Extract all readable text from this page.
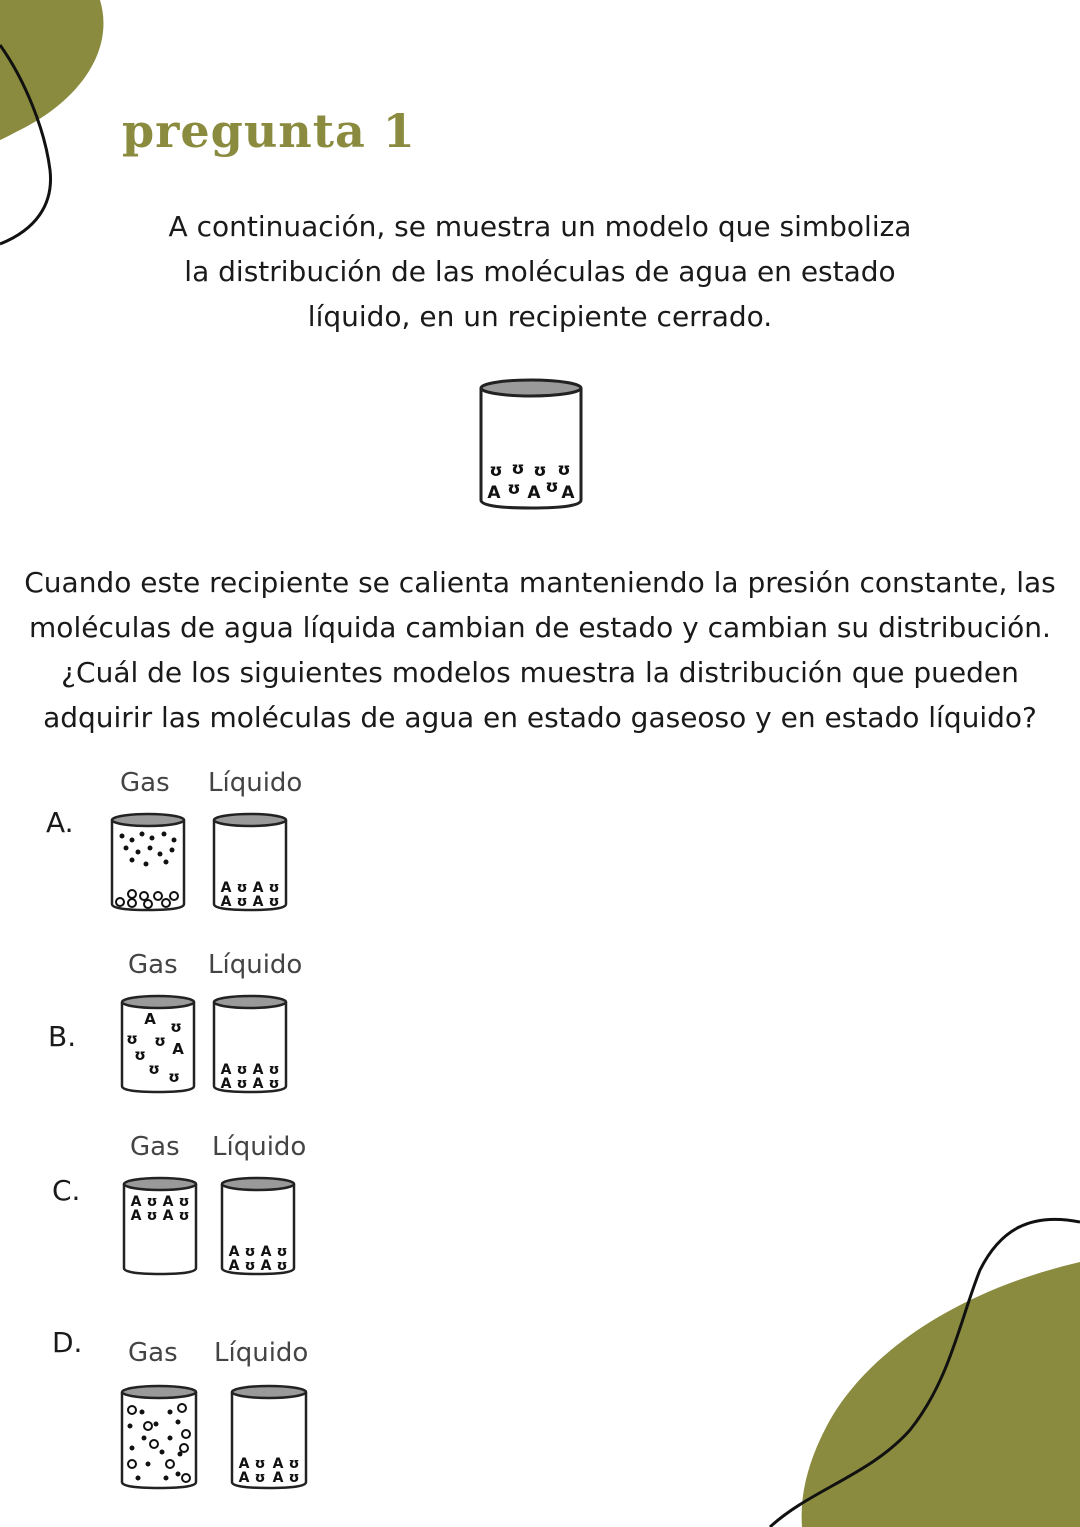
pregunta 1

A continuación, se muestra un modelo que simboliza
la distribución de las moléculas de agua en estado
líquido, en un recipiente cerrado.

ʊ ʊ ʊ ʊ
A ʊ A ʊ A

Cuando este recipiente se calienta manteniendo la presión constante, las
moléculas de agua líquida cambian de estado y cambian su distribución.
¿Cuál de los siguientes modelos muestra la distribución que pueden
adquirir las moléculas de agua en estado gaseoso y en estado líquido?

A.
Gas Líquido
A ʊ A ʊ
A ʊ A ʊ
B.
Gas Líquido
A ʊ
ʊ ʊ A
ʊ
ʊ ʊ	A ʊ A ʊ
A ʊ A ʊ
C.
Gas Líquido
A ʊ A ʊ
A ʊ A ʊ
A ʊ A ʊ
A ʊ A ʊ
D. Gas Líquido
A ʊ A ʊ
A ʊ A ʊ
